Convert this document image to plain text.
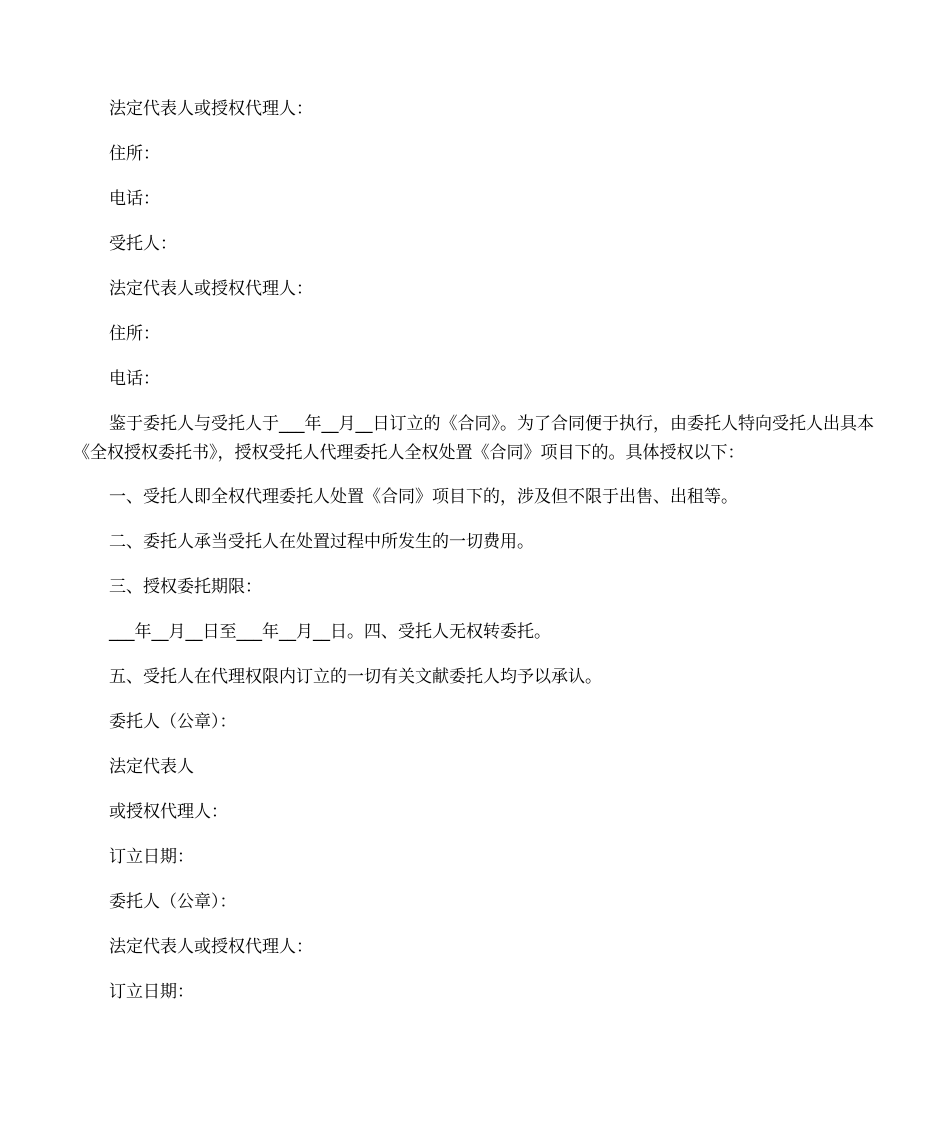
法定代表人或授权代理人：

住所：

电话：

受托人：

法定代表人或授权代理人：

住所：

电话：

鉴于委托人与受托人于___年__月__日订立的《合同》。为了合同便于执行，由委托人特向受托人出具本《全权授权委托书》，授权受托人代理委托人全权处置《合同》项目下的。具体授权以下：

一、受托人即全权代理委托人处置《合同》项目下的，涉及但不限于出售、出租等。

二、委托人承当受托人在处置过程中所发生的一切费用。

三、授权委托期限：

___年__月__日至___年__月__日。四、受托人无权转委托。

五、受托人在代理权限内订立的一切有关文献委托人均予以承认。

委托人（公章）：

法定代表人

或授权代理人：

订立日期：

委托人（公章）：

法定代表人或授权代理人：

订立日期：
